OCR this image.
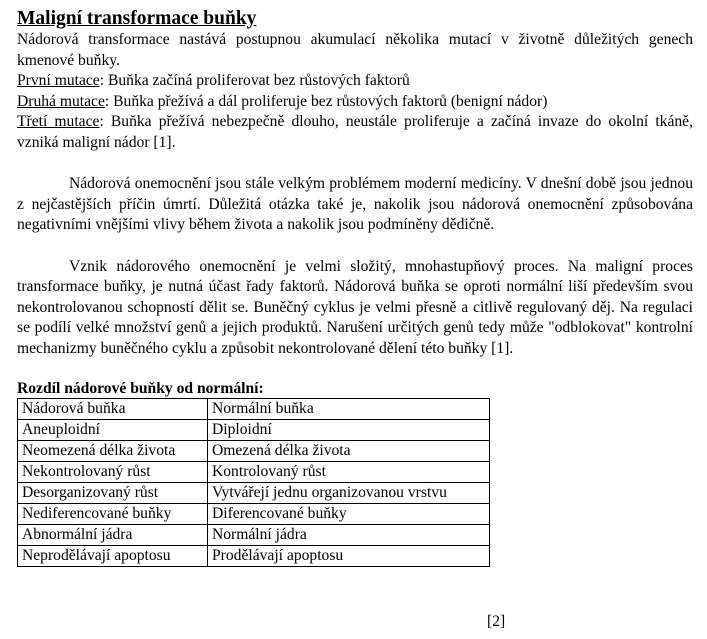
Maligní transformace buňky

Nádorová transformace nastává postupnou akumulací několika mutací v životně důležitých genech kmenové buňky.

První mutace: Buňka začíná proliferovat bez růstových faktorů

Druhá mutace: Buňka přežívá a dál proliferuje bez růstových faktorů (benigní nádor)

Třetí mutace: Buňka přežívá nebezpečně dlouho, neustále proliferuje a začíná invaze do okolní tkáně, vzniká maligní nádor [1].

Nádorová onemocnění jsou stále velkým problémem moderní medicíny. V dnešní době jsou jednou z nejčastějších příčin úmrtí. Důležitá otázka také je, nakolik jsou nádorová onemocnění způsobována negativními vnějšími vlivy během života a nakolik jsou podmíněny dědičně.

Vznik nádorového onemocnění je velmi složitý, mnohastupňový proces. Na maligní proces transformace buňky, je nutná účast řady faktorů. Nádorová buňka se oproti normální liší především svou nekontrolovanou schopností dělit se. Buněčný cyklus je velmi přesně a citlivě regulovaný děj. Na regulaci se podílí velké množství genů a jejich produktů. Narušení určitých genů tedy může "odblokovat" kontrolní mechanizmy buněčného cyklu a způsobit nekontrolované dělení této buňky [1].

Rozdíl nádorové buňky od normální:
Nádorová buňka	Normální buňka
Aneuploidní	Diploidní
Neomezená délka života	Omezená délka života
Nekontrolovaný růst	Kontrolovaný růst
Desorganizovaný růst	Vytvářejí jednu organizovanou vrstvu
Nediferencované buňky	Diferencované buňky
Abnormální jádra	Normální jádra
Neprodělávají apoptosu	Prodělávají apoptosu
[2]
